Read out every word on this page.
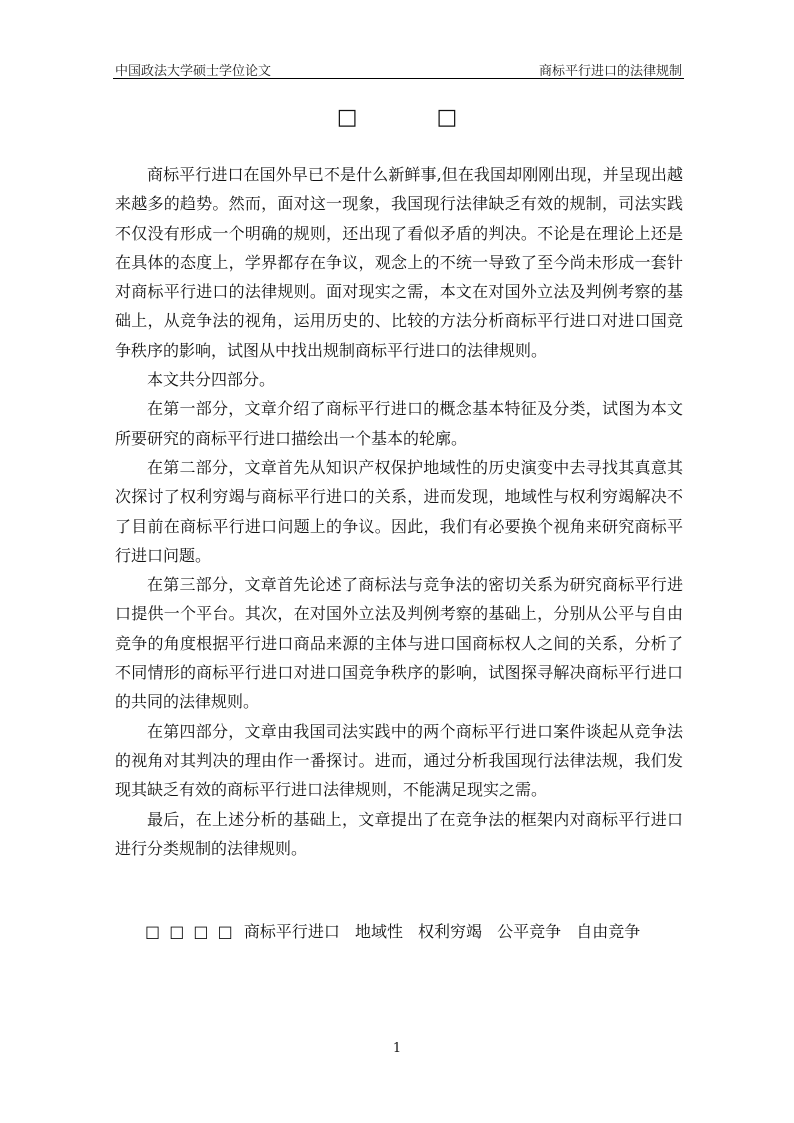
中国政法大学硕士学位论文	商标平行进口的法律规制
□ □

商标平行进口在国外早已不是什么新鲜事,但在我国却刚刚出现，并呈现出越来越多的趋势。然而，面对这一现象，我国现行法律缺乏有效的规制，司法实践不仅没有形成一个明确的规则，还出现了看似矛盾的判决。不论是在理论上还是在具体的态度上，学界都存在争议，观念上的不统一导致了至今尚未形成一套针对商标平行进口的法律规则。面对现实之需，本文在对国外立法及判例考察的基础上，从竞争法的视角，运用历史的、比较的方法分析商标平行进口对进口国竞争秩序的影响，试图从中找出规制商标平行进口的法律规则。

本文共分四部分。

在第一部分，文章介绍了商标平行进口的概念基本特征及分类，试图为本文所要研究的商标平行进口描绘出一个基本的轮廓。

在第二部分，文章首先从知识产权保护地域性的历史演变中去寻找其真意其次探讨了权利穷竭与商标平行进口的关系，进而发现，地域性与权利穷竭解决不了目前在商标平行进口问题上的争议。因此，我们有必要换个视角来研究商标平行进口问题。

在第三部分，文章首先论述了商标法与竞争法的密切关系为研究商标平行进口提供一个平台。其次，在对国外立法及判例考察的基础上，分别从公平与自由竞争的角度根据平行进口商品来源的主体与进口国商标权人之间的关系，分析了不同情形的商标平行进口对进口国竞争秩序的影响，试图探寻解决商标平行进口的共同的法律规则。

在第四部分，文章由我国司法实践中的两个商标平行进口案件谈起从竞争法的视角对其判决的理由作一番探讨。进而，通过分析我国现行法律法规，我们发现其缺乏有效的商标平行进口法律规则，不能满足现实之需。

最后，在上述分析的基础上，文章提出了在竞争法的框架内对商标平行进口进行分类规制的法律规则。

□ □ □ □ 商标平行进口 地域性 权利穷竭 公平竞争 自由竞争
1
